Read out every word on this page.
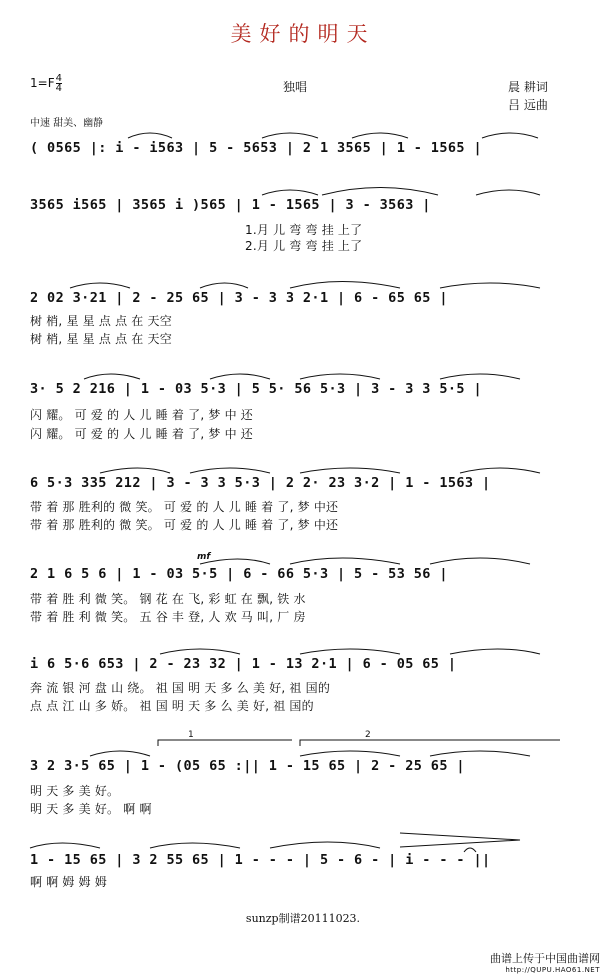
美好的明天
$1=F \frac{4}{4}$	独唱	晨 耕词
吕 远曲
中速 甜美、幽静
( 0565 |: i - i563 | 5 - 5653 | 2 1 3565 | 1 - 1565 |
3565 i565 | 3565 i )565 | 1 - 1565 | 3 - 3563 |
1.月 儿 弯 弯 挂 上了
2.月 儿 弯 弯 挂 上了
2 02 3·21 | 2 - 25 65 | 3 - 3 3 2·1 | 6 - 65 65 |
树 梢, 星 星 点 点 在 天空
树 梢, 星 星 点 点 在 天空
3· 5 2 216 | 1 - 03 5·3 | 5 5· 56 5·3 | 3 - 3 3 5·5 |
闪 耀。 可 爱 的 人 儿 睡 着 了, 梦 中 还
闪 耀。 可 爱 的 人 儿 睡 着 了, 梦 中 还
6 5·3 335 212 | 3 - 3 3 5·3 | 2 2· 23 3·2 | 1 - 1563 |
带 着 那 胜利的 微 笑。 可 爱 的 人 儿 睡 着 了, 梦 中还
带 着 那 胜利的 微 笑。 可 爱 的 人 儿 睡 着 了, 梦 中还
mf
2 1 6 5 6 | 1 - 03 5·5 | 6 - 66 5·3 | 5 - 53 56 |
带 着 胜 利 微 笑。 钢 花 在 飞, 彩 虹 在 飘, 铁 水
带 着 胜 利 微 笑。 五 谷 丰 登, 人 欢 马 叫, 厂 房
i 6 5·6 653 | 2 - 23 32 | 1 - 13 2·1 | 6 - 05 65 |
奔 流 银 河 盘 山 绕。 祖 国 明 天 多 么 美 好, 祖 国的
点 点 江 山 多 娇。 祖 国 明 天 多 么 美 好, 祖 国的
1	2
3 2 3·5 65 | 1 - (05 65 :|| 1 - 15 65 | 2 - 25 65 |
明 天 多 美 好。
明 天 多 美 好。 啊 啊
1 - 15 65 | 3 2 55 65 | 1 - - - | 5 - 6 - | i - - - ||
啊 啊 姆 姆 姆
sunzp制谱20111023.
曲谱上传于中国曲谱网
http://QUPU.HAO61.NET
